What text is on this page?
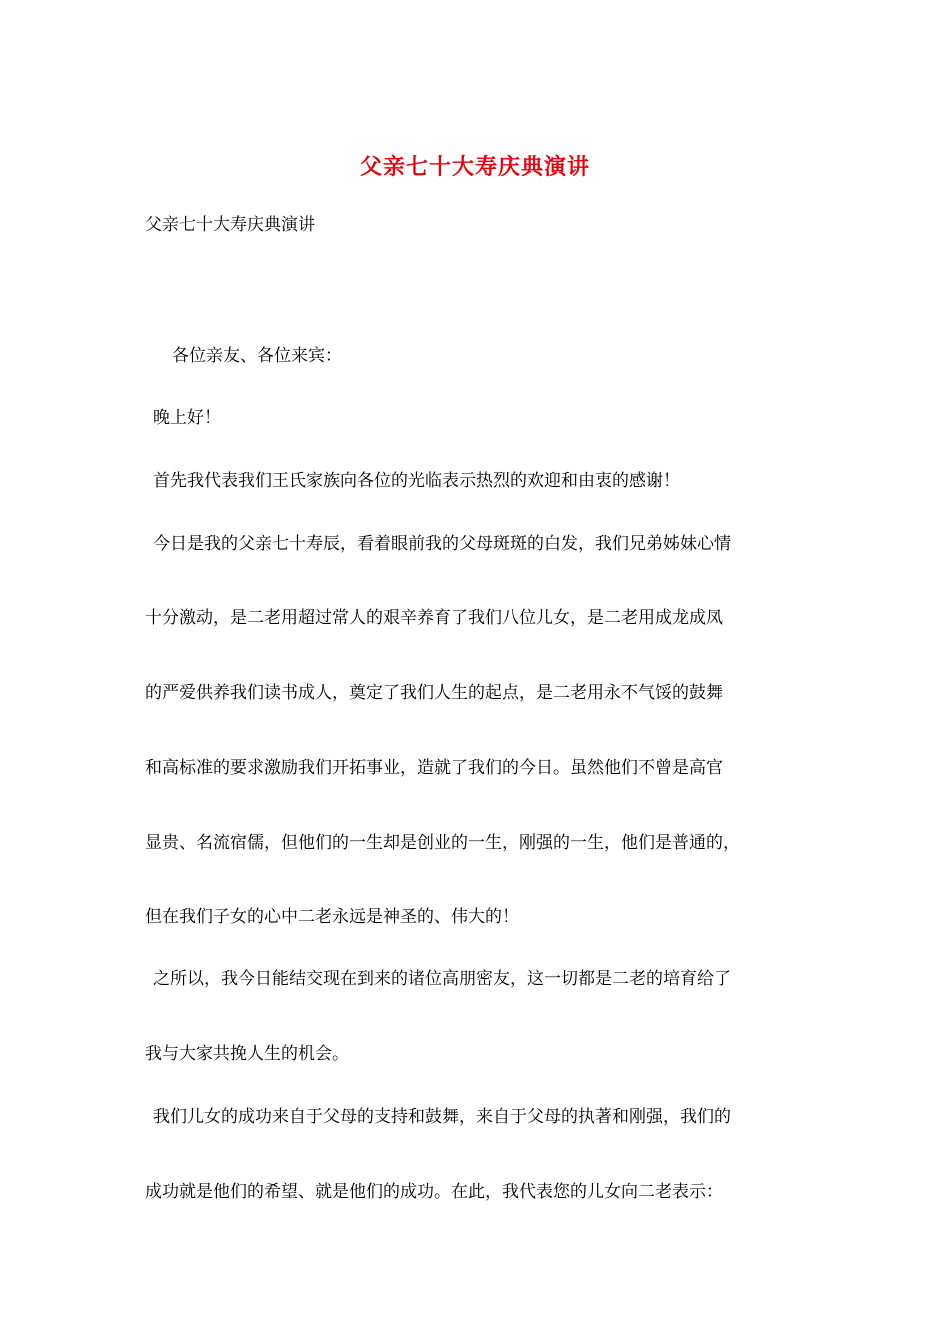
父亲七十大寿庆典演讲
父亲七十大寿庆典演讲
　各位亲友、各位来宾：
晚上好！
首先我代表我们王氏家族向各位的光临表示热烈的欢迎和由衷的感谢！
今日是我的父亲七十寿辰，看着眼前我的父母斑斑的白发，我们兄弟姊妹心情
十分激动，是二老用超过常人的艰辛养育了我们八位儿女，是二老用成龙成凤
的严爱供养我们读书成人，奠定了我们人生的起点，是二老用永不气馁的鼓舞
和高标准的要求激励我们开拓事业，造就了我们的今日。虽然他们不曾是高官
显贵、名流宿儒，但他们的一生却是创业的一生，刚强的一生，他们是普通的，
但在我们子女的心中二老永远是神圣的、伟大的！
之所以，我今日能结交现在到来的诸位高朋密友，这一切都是二老的培育给了
我与大家共挽人生的机会。
我们儿女的成功来自于父母的支持和鼓舞，来自于父母的执著和刚强，我们的
成功就是他们的希望、就是他们的成功。在此，我代表您的儿女向二老表示：
